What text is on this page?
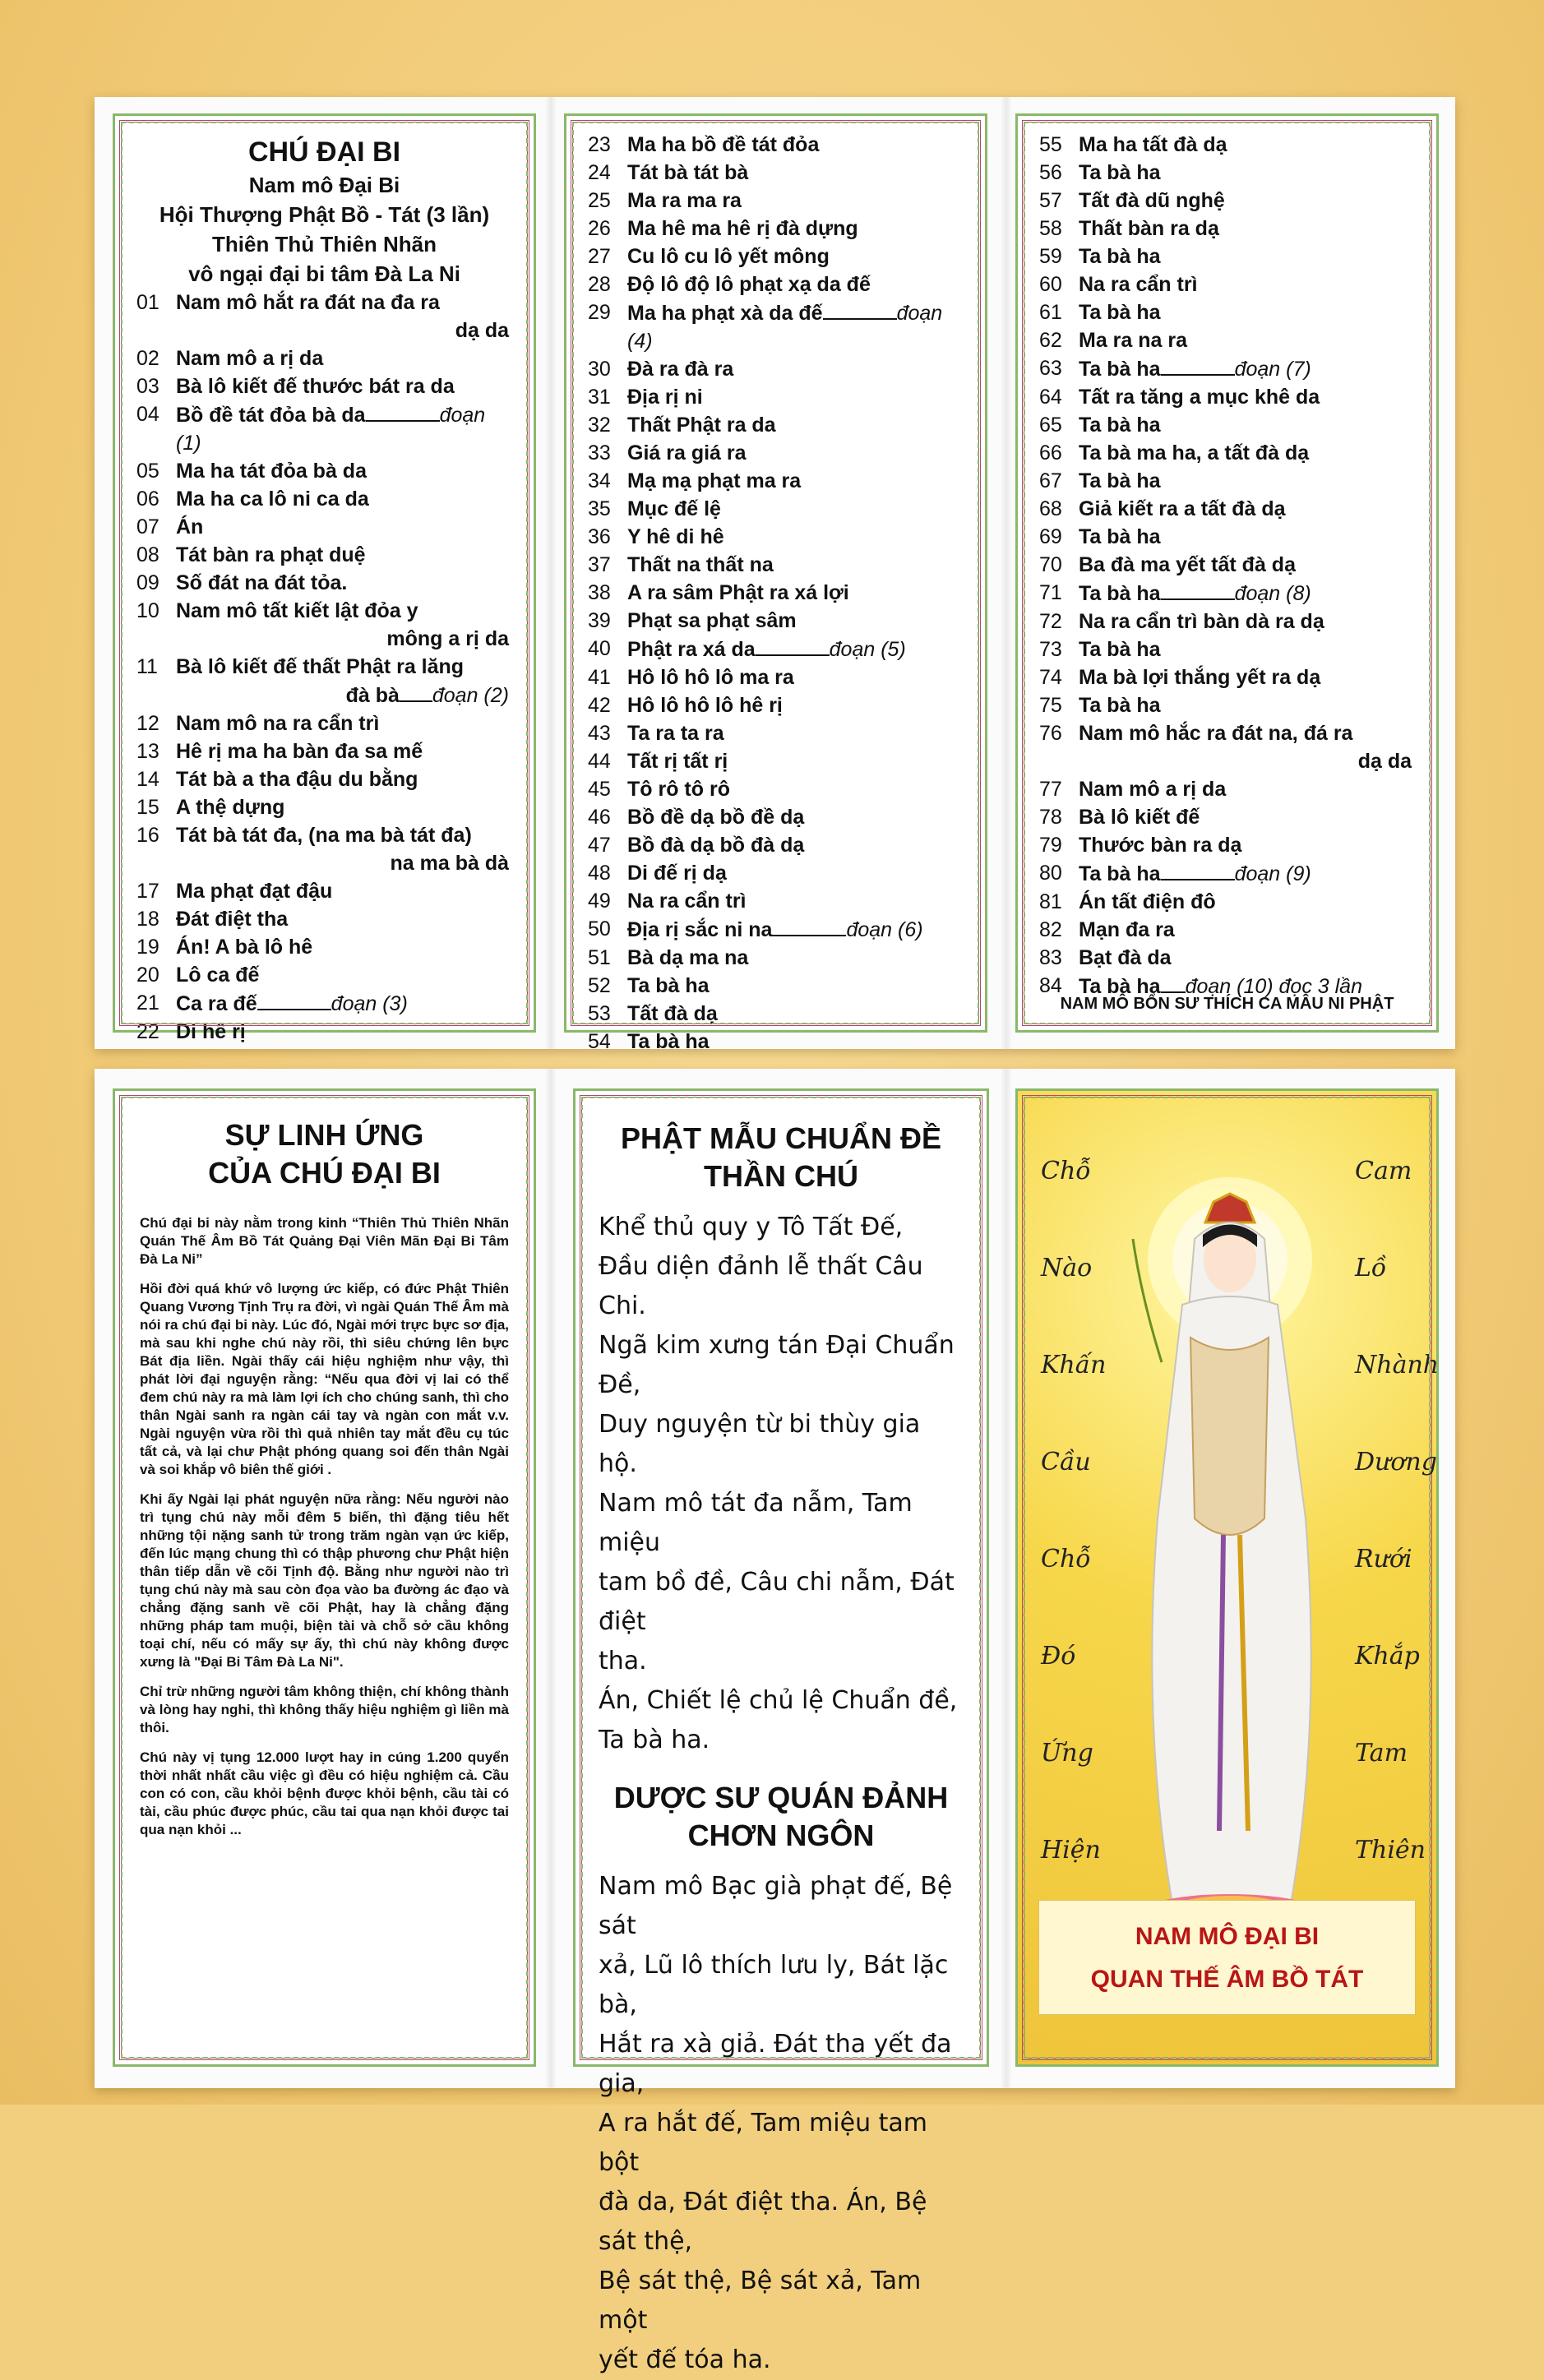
CHÚ ĐẠI BI
Nam mô Đại Bi
Hội Thượng Phật Bồ - Tát (3 lần)
Thiên Thủ Thiên Nhãn
vô ngại đại bi tâm Đà La Ni
01 Nam mô hắt ra đát na đa ra
dạ da
02 Nam mô a rị da
03 Bà lô kiết đế thước bát ra da
04 Bồ đề tát đỏa bà da	đoạn (1)
05 Ma ha tát đỏa bà da
06 Ma ha ca lô ni ca da
07 Án
08 Tát bàn ra phạt duệ
09 Số đát na đát tỏa.
10 Nam mô tất kiết lật đỏa y
mông a rị da
11 Bà lô kiết đế thất Phật ra lăng
đà bà đoạn (2)
12 Nam mô na ra cẩn trì
13 Hê rị ma ha bàn đa sa mế
14 Tát bà a tha đậu du bằng
15 A thệ dựng
16 Tát bà tát đa, (na ma bà tát đa)
na ma bà dà
17 Ma phạt đạt đậu
18 Đát điệt tha
19 Án! A bà lô hê
20 Lô ca đế
21 Ca ra đế	đoạn (3)
22 Di hê rị
23 Ma ha bồ đề tát đỏa
24 Tát bà tát bà
25 Ma ra ma ra
26 Ma hê ma hê rị đà dựng
27 Cu lô cu lô yết mông
28 Độ lô độ lô phạt xạ da đế
29 Ma ha phạt xà da đế	đoạn (4)
30 Đà ra đà ra
31 Địa rị ni
32 Thất Phật ra da
33 Giá ra giá ra
34 Mạ mạ phạt ma ra
35 Mục đế lệ
36 Y hê di hê
37 Thất na thất na
38 A ra sâm Phật ra xá lợi
39 Phạt sa phạt sâm
40 Phật ra xá da	đoạn (5)
41 Hô lô hô lô ma ra
42 Hô lô hô lô hê rị
43 Ta ra ta ra
44 Tất rị tất rị
45 Tô rô tô rô
46 Bồ đề dạ bồ đề dạ
47 Bồ đà dạ bồ đà dạ
48 Di đế rị dạ
49 Na ra cẩn trì
50 Địa rị sắc ni na	đoạn (6)
51 Bà dạ ma na
52 Ta bà ha
53 Tất đà dạ
54 Ta bà ha
55 Ma ha tất đà dạ
56 Ta bà ha
57 Tất đà dũ nghệ
58 Thất bàn ra dạ
59 Ta bà ha
60 Na ra cẩn trì
61 Ta bà ha
62 Ma ra na ra
63 Ta bà ha	đoạn (7)
64 Tất ra tăng a mục khê da
65 Ta bà ha
66 Ta bà ma ha, a tất đà dạ
67 Ta bà ha
68 Giả kiết ra a tất đà dạ
69 Ta bà ha
70 Ba đà ma yết tất đà dạ
71 Ta bà ha	đoạn (8)
72 Na ra cẩn trì bàn dà ra dạ
73 Ta bà ha
74 Ma bà lợi thắng yết ra dạ
75 Ta bà ha
76 Nam mô hắc ra đát na, đá ra
dạ da
77 Nam mô a rị da
78 Bà lô kiết đế
79 Thước bàn ra dạ
80 Ta bà ha	đoạn (9)
81 Án tất điện đô
82 Mạn đa ra
83 Bạt đà da
84 Ta bà ha đoạn (10) đọc 3 lần
NAM MÔ BỔN SƯ THÍCH CA MÂU NI PHẬT
SỰ LINH ỨNG
CỦA CHÚ ĐẠI BI

Chú đại bi này nằm trong kinh “Thiên Thủ Thiên Nhãn Quán Thế Âm Bồ Tát Quảng Đại Viên Mãn Đại Bi Tâm Đà La Ni”

Hồi đời quá khứ vô lượng ức kiếp, có đức Phật Thiên Quang Vương Tịnh Trụ ra đời, vì ngài Quán Thế Âm mà nói ra chú đại bi này. Lúc đó, Ngài mới trực bực sơ địa, mà sau khi nghe chú này rồi, thì siêu chứng lên bực Bát địa liền. Ngài thấy cái hiệu nghiệm như vậy, thì phát lời đại nguyện rằng: “Nếu qua đời vị lai có thể đem chú này ra mà làm lợi ích cho chúng sanh, thì cho thân Ngài sanh ra ngàn cái tay và ngàn con mắt v.v. Ngài nguyện vừa rồi thì quả nhiên tay mắt đều cụ túc tất cả, và lại chư Phật phóng quang soi đến thân Ngài và soi khắp vô biên thế giới .

Khi ấy Ngài lại phát nguyện nữa rằng: Nếu người nào trì tụng chú này mỗi đêm 5 biến, thì đặng tiêu hết những tội nặng sanh tử trong trăm ngàn vạn ức kiếp, đến lúc mạng chung thì có thập phương chư Phật hiện thân tiếp dẫn về cõi Tịnh độ. Bằng như người nào trì tụng chú này mà sau còn đọa vào ba đường ác đạo và chẳng đặng sanh về cõi Phật, hay là chẳng đặng những pháp tam muội, biện tài và chỗ sở cầu không toại chí, nếu có mấy sự ấy, thì chú này không được xưng là "Đại Bi Tâm Đà La Ni".

Chỉ trừ những người tâm không thiện, chí không thành và lòng hay nghi, thì không thấy hiệu nghiệm gì liền mà thôi.

Chú này vị tụng 12.000 lượt hay in cúng 1.200 quyển thời nhất nhất cầu việc gì đều có hiệu nghiệm cả. Cầu con có con, cầu khỏi bệnh được khỏi bệnh, cầu tài có tài, cầu phúc được phúc, cầu tai qua nạn khỏi được tai qua nạn khỏi ...

PHẬT MẪU CHUẨN ĐỀ
THẦN CHÚ
Khể thủ quy y Tô Tất Đế,
Đầu diện đảnh lễ thất Câu Chi.
Ngã kim xưng tán Đại Chuẩn Đề,
Duy nguyện từ bi thùy gia hộ.
Nam mô tát đa nẫm, Tam miệu
tam bồ đề, Câu chi nẫm, Đát điệt
tha.
Án, Chiết lệ chủ lệ Chuẩn đề,
Ta bà ha.
DƯỢC SƯ QUÁN ĐẢNH
CHƠN NGÔN
Nam mô Bạc già phạt đế, Bệ sát
xả, Lũ lô thích lưu ly, Bát lặc bà,
Hắt ra xà giả. Đát tha yết đa gia,
A ra hắt đế, Tam miệu tam bột
đà da, Đát điệt tha. Án, Bệ sát thệ,
Bệ sát thệ, Bệ sát xả, Tam một
yết đế tóa ha.
Chỗ
Nào
Khấn
Cầu
Chỗ
Đó
Ứng
Hiện
Cam
Lồ
Nhành
Dương
Rưới
Khắp
Tam
Thiên
NAM MÔ ĐẠI BI
QUAN THẾ ÂM BỒ TÁT
